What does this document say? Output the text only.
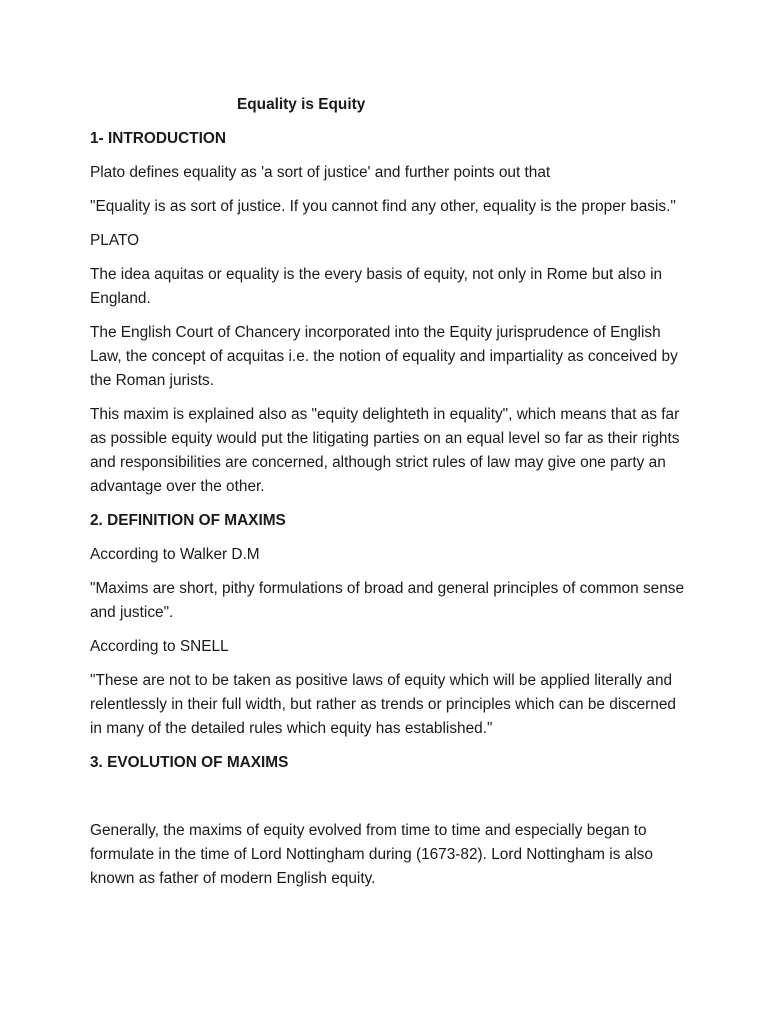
Equality is Equity
1- INTRODUCTION

Plato defines equality as 'a sort of justice' and further points out that

"Equality is as sort of justice. If you cannot find any other, equality is the proper basis."

PLATO

The idea aquitas or equality is the every basis of equity, not only in Rome but also in England.

The English Court of Chancery incorporated into the Equity jurisprudence of English Law, the concept of acquitas i.e. the notion of equality and impartiality as conceived by the Roman jurists.

This maxim is explained also as "equity delighteth in equality", which means that as far as possible equity would put the litigating parties on an equal level so far as their rights and responsibilities are concerned, although strict rules of law may give one party an advantage over the other.

2. DEFINITION OF MAXIMS

According to Walker D.M

"Maxims are short, pithy formulations of broad and general principles of common sense and justice".

According to SNELL

"These are not to be taken as positive laws of equity which will be applied literally and relentlessly in their full width, but rather as trends or principles which can be discerned in many of the detailed rules which equity has established."

3. EVOLUTION OF MAXIMS

Generally, the maxims of equity evolved from time to time and especially began to formulate in the time of Lord Nottingham during (1673-82). Lord Nottingham is also known as father of modern English equity.
